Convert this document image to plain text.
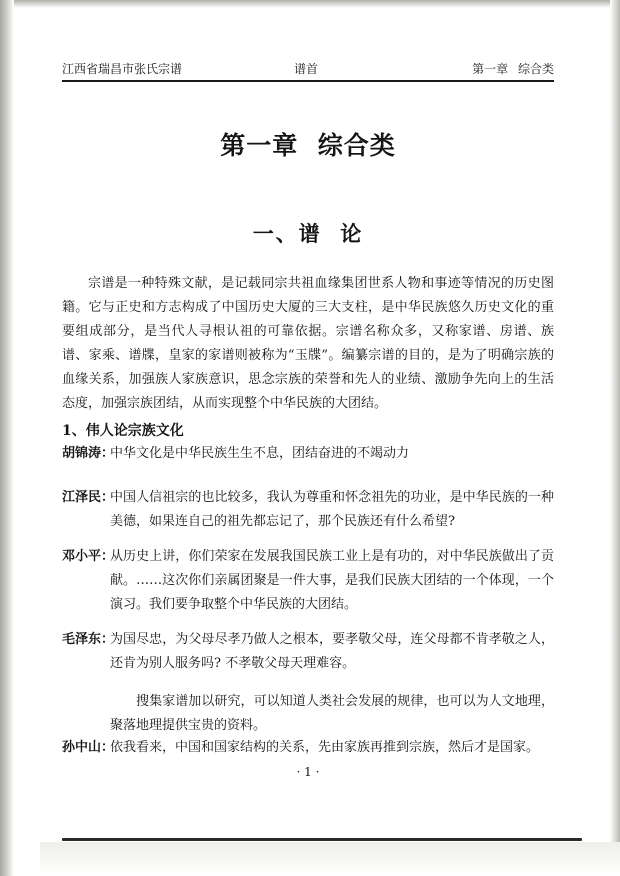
江西省瑞昌市张氏宗谱	谱首	第一章 综合类
第一章  综合类
一、谱  论

宗谱是一种特殊文献，是记载同宗共祖血缘集团世系人物和事迹等情况的历史图籍。它与正史和方志构成了中国历史大厦的三大支柱，是中华民族悠久历史文化的重要组成部分，是当代人寻根认祖的可靠依据。宗谱名称众多，又称家谱、房谱、族谱、家乘、谱牒，皇家的家谱则被称为“玉牒”。编纂宗谱的目的，是为了明确宗族的血缘关系，加强族人家族意识，思念宗族的荣誉和先人的业绩、激励争先向上的生活态度，加强宗族团结，从而实现整个中华民族的大团结。

1、伟人论宗族文化
胡锦涛：
中华文化是中华民族生生不息，团结奋进的不竭动力
江泽民：
中国人信祖宗的也比较多，我认为尊重和怀念祖先的功业，是中华民族的一种美德，如果连自己的祖先都忘记了，那个民族还有什么希望?
邓小平：
从历史上讲，你们荣家在发展我国民族工业上是有功的，对中华民族做出了贡献。……这次你们亲属团聚是一件大事，是我们民族大团结的一个体现，一个演习。我们要争取整个中华民族的大团结。
毛泽东：
为国尽忠，为父母尽孝乃做人之根本，要孝敬父母，连父母都不肯孝敬之人，还肯为别人服务吗? 不孝敬父母天理难容。

搜集家谱加以研究，可以知道人类社会发展的规律，也可以为人文地理，聚落地理提供宝贵的资料。

孙中山：
依我看来，中国和国家结构的关系，先由家族再推到宗族，然后才是国家。
· 1 ·
